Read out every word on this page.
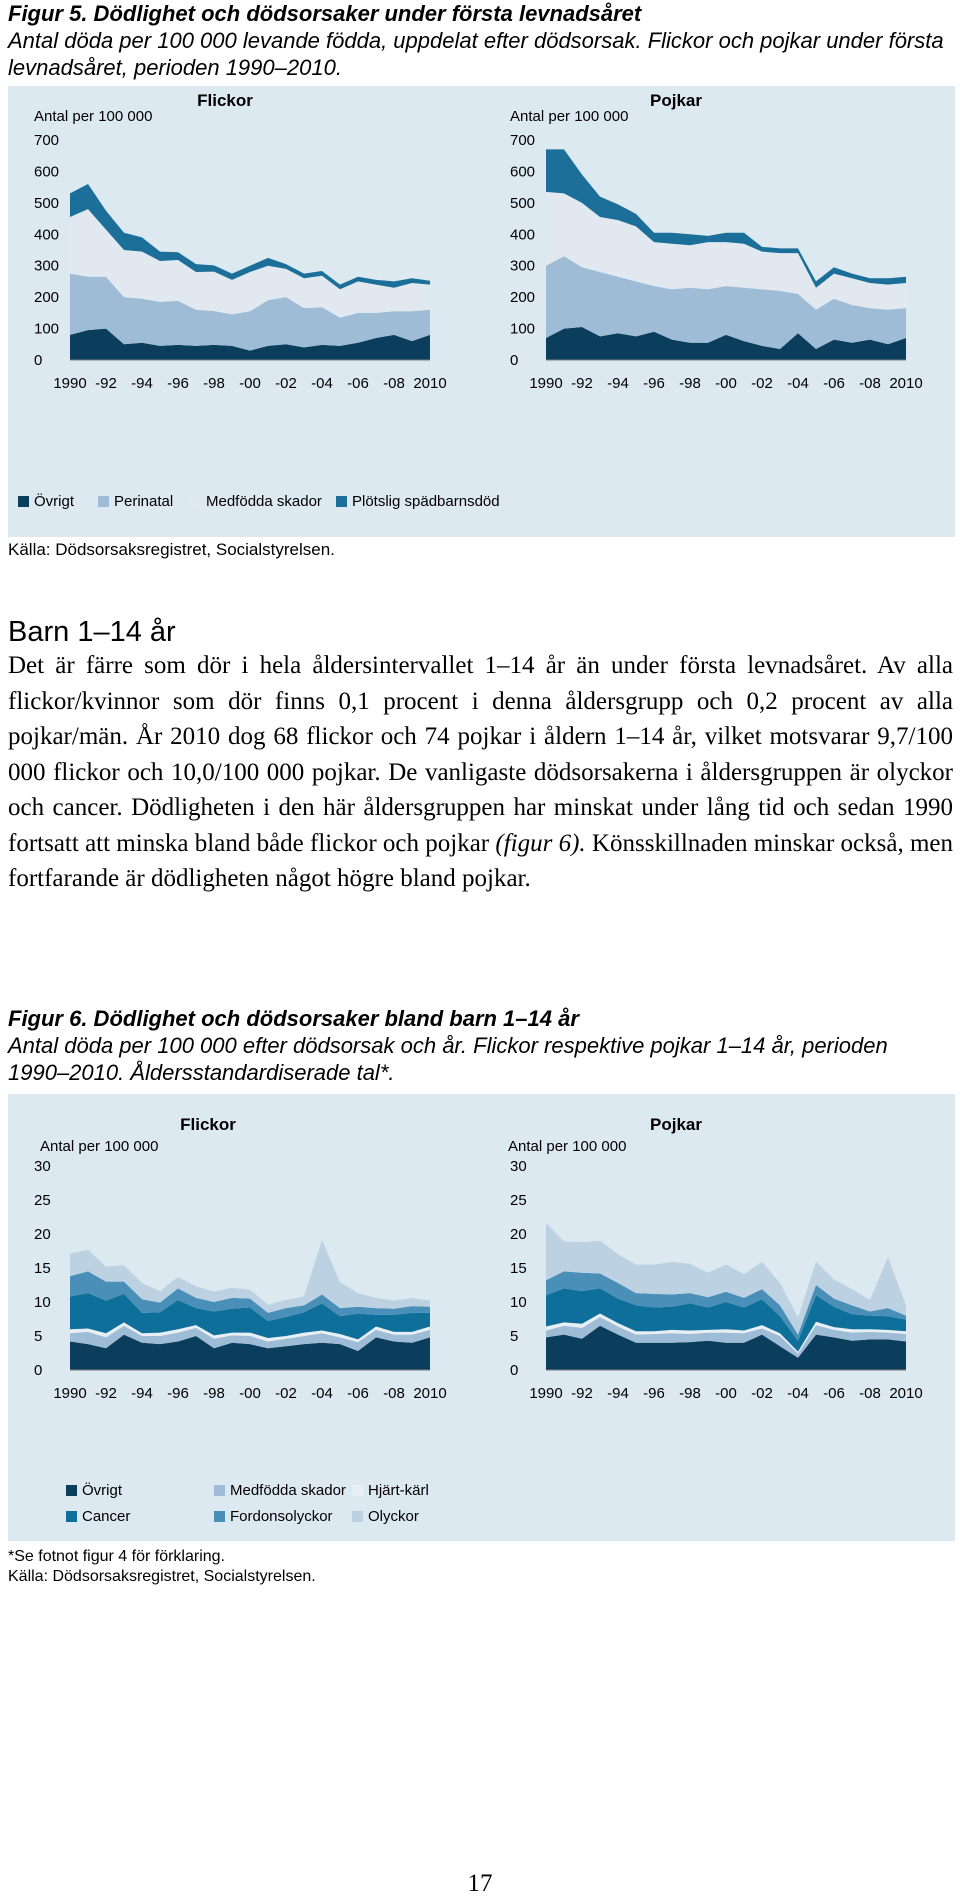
Figur 5. Dödlighet och dödsorsaker under första levnadsåret
Antal döda per 100 000 levande födda, uppdelat efter dödsorsak. Flickor och pojkar under första levnadsåret, perioden 1990–2010.
Flickor
Antal per 100 000
0
100
200
300
400
500
600
700
1990 -92 -94 -96 -98 -00 -02 -04 -06 -08 2010
Pojkar
Antal per 100 000
0
100
200
300
400
500
600
700
1990 -92 -94 -96 -98 -00 -02 -04 -06 -08 2010
Övrigt	Perinatal	Medfödda skador	Plötslig spädbarnsdöd
Källa: Dödsorsaksregistret, Socialstyrelsen.
Barn 1–14 år

Det är färre som dör i hela åldersintervallet 1–14 år än under första levnadsåret. Av alla flickor/kvinnor som dör finns 0,1 procent i denna åldersgrupp och 0,2 procent av alla pojkar/män. År 2010 dog 68 flickor och 74 pojkar i åldern 1–14 år, vilket motsvarar 9,7/100 000 flickor och 10,0/100 000 pojkar. De vanligaste dödsorsakerna i åldersgruppen är olyckor och cancer. Dödligheten i den här åldersgruppen har minskat under lång tid och sedan 1990 fortsatt att minska bland både flickor och pojkar (figur 6). Könsskillnaden minskar också, men fortfarande är dödligheten något högre bland pojkar.

Figur 6. Dödlighet och dödsorsaker bland barn 1–14 år
Antal döda per 100 000 efter dödsorsak och år. Flickor respektive pojkar 1–14 år, perioden 1990–2010. Åldersstandardiserade tal*.
Flickor
Antal per 100 000
0
5
10
15
20
25
30
1990 -92 -94 -96 -98 -00 -02 -04 -06 -08 2010
Pojkar
Antal per 100 000
0
5
10
15
20
25
30
1990 -92 -94 -96 -98 -00 -02 -04 -06 -08 2010
Övrigt	Medfödda skador	Hjärt-kärl
Cancer	Fordonsolyckor	Olyckor
*Se fotnot figur 4 för förklaring.
Källa: Dödsorsaksregistret, Socialstyrelsen.
17
